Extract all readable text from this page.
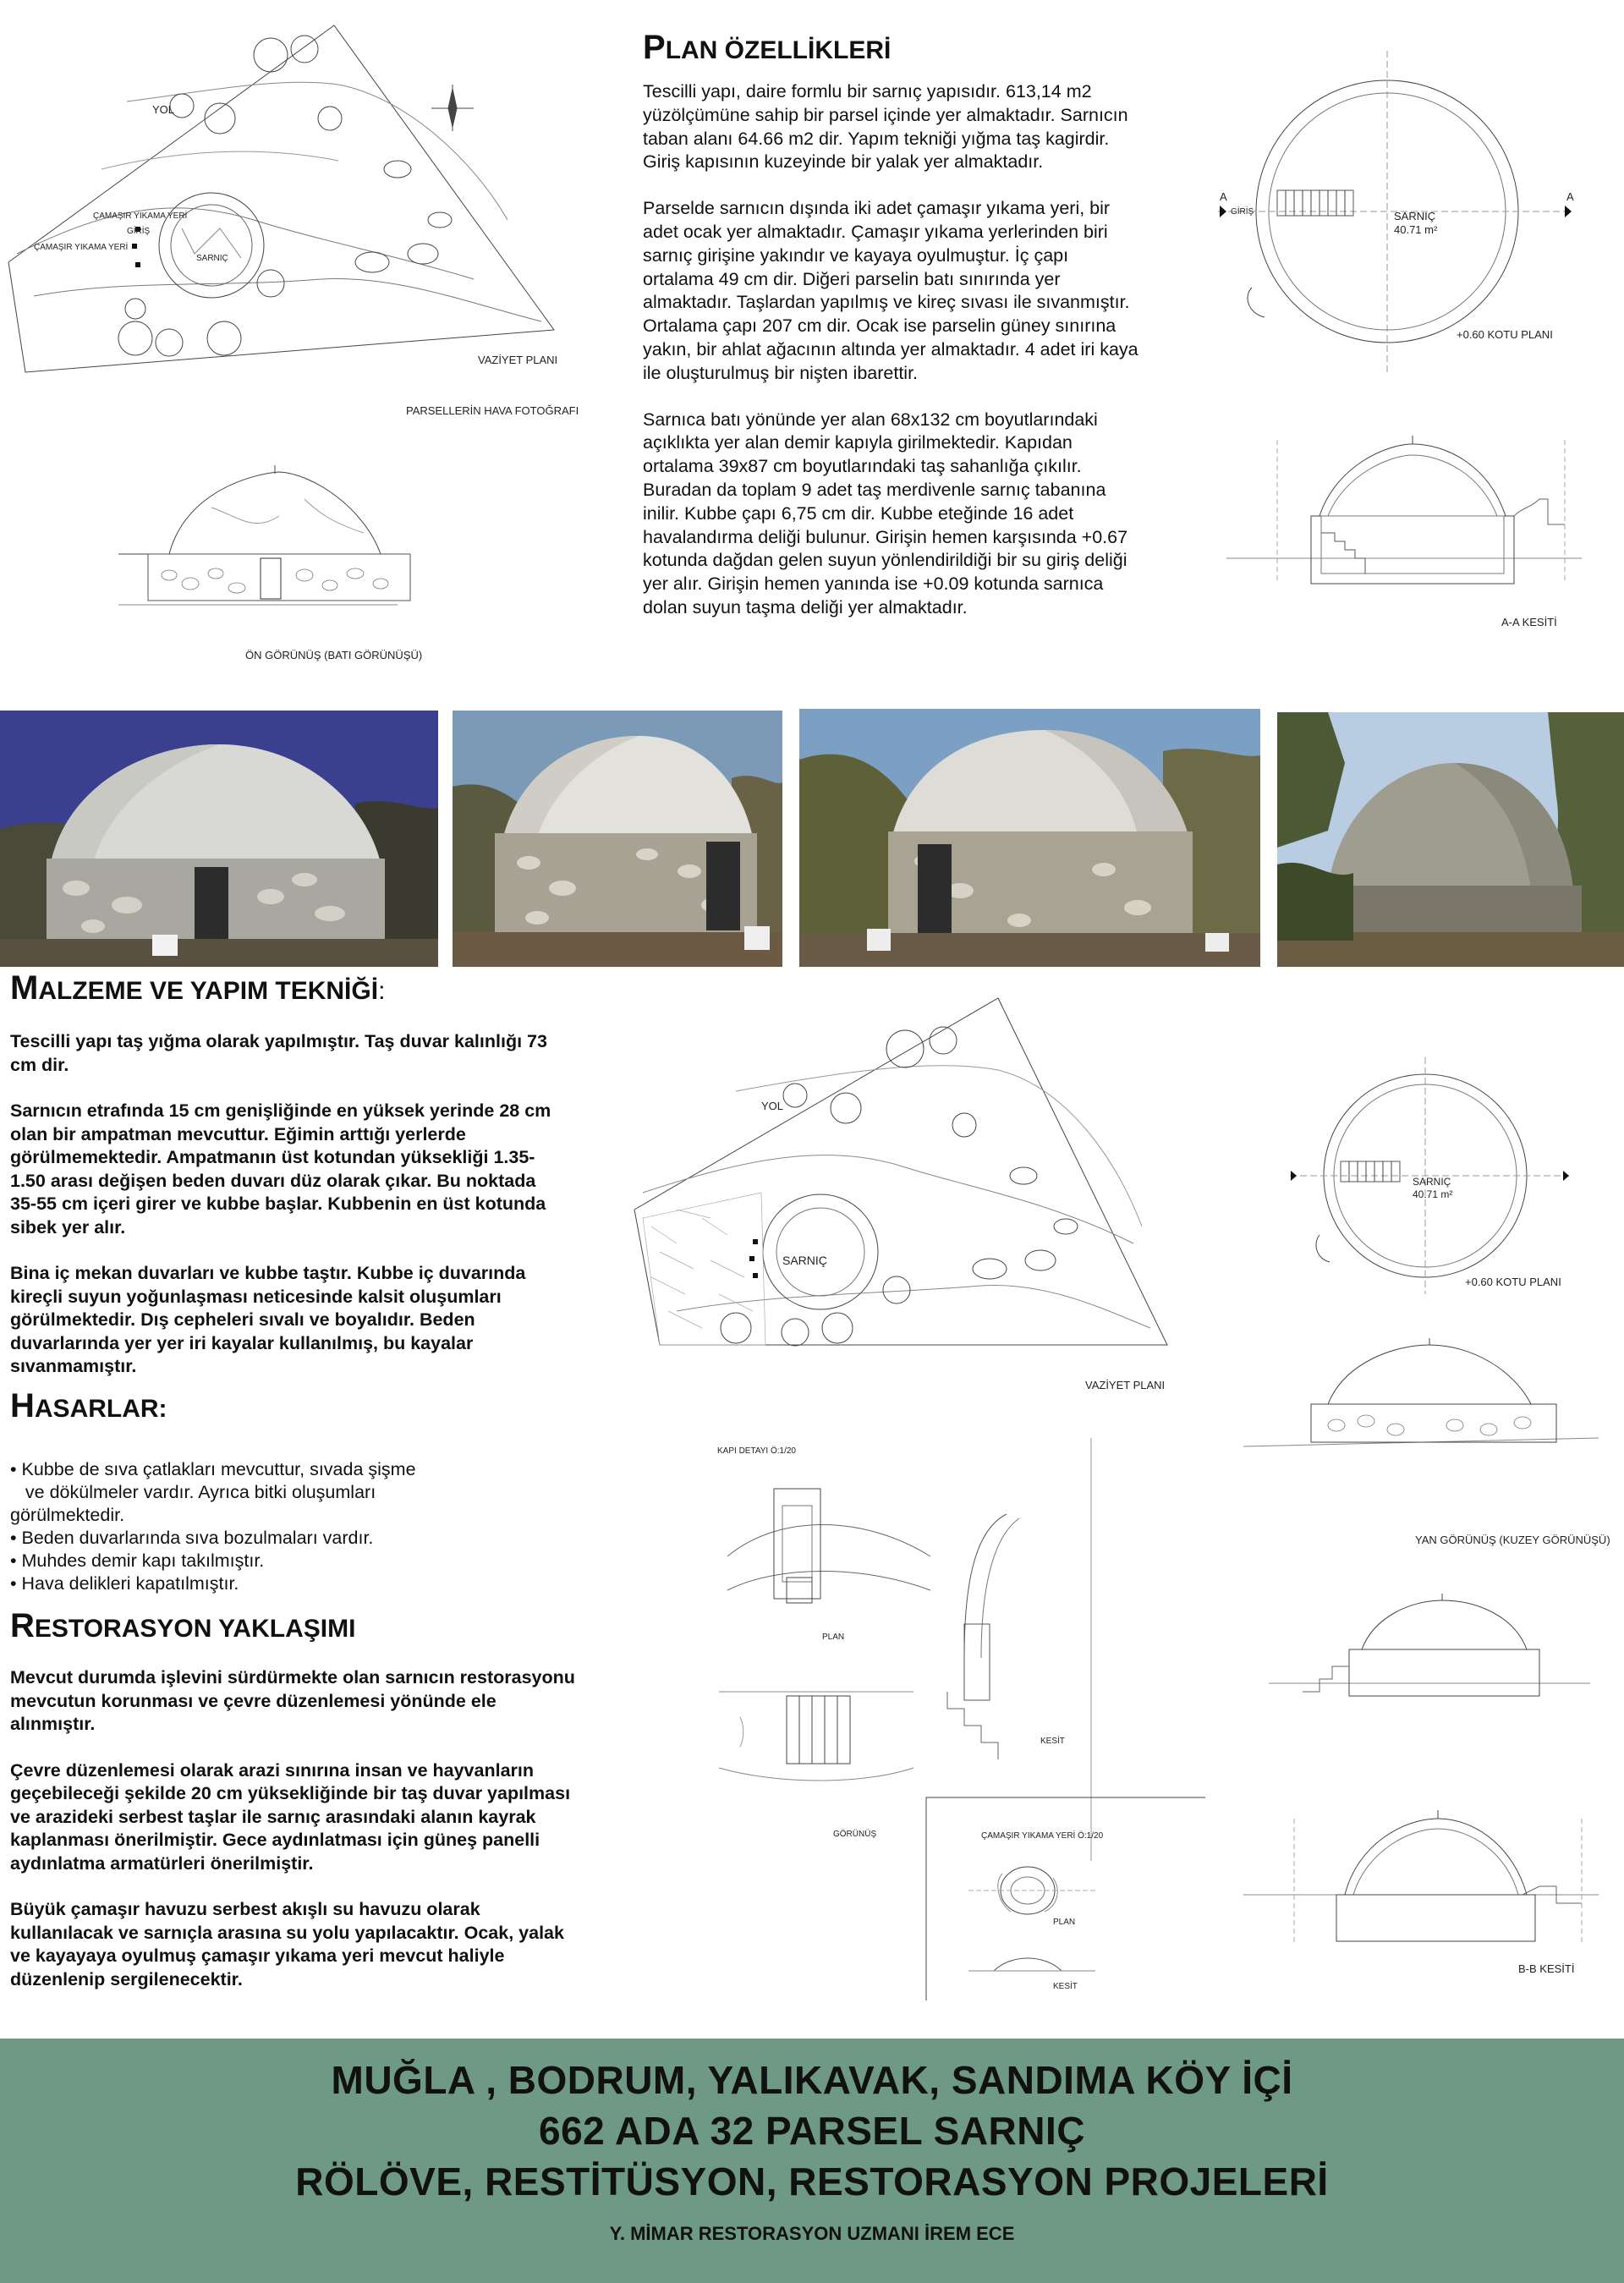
YOL
ÇAMAŞIR YIKAMA YERİ
ÇAMAŞIR YIKAMA YERİ
GİRİŞ
SARNIÇ
VAZİYET PLANI
PARSELLERİN HAVA FOTOĞRAFI
ÖN GÖRÜNÜŞ (BATI GÖRÜNÜŞÜ)
PLAN ÖZELLİKLERİ

Tescilli yapı, daire formlu bir sarnıç yapısıdır. 613,14 m2 yüzölçümüne sahip bir parsel içinde yer almaktadır. Sarnıcın taban alanı 64.66 m2 dir. Yapım tekniği yığma taş kagirdir. Giriş kapısının kuzeyinde bir yalak yer almaktadır.

Parselde sarnıcın dışında iki adet çamaşır yıkama yeri, bir adet ocak yer almaktadır. Çamaşır yıkama yerlerinden biri sarnıç girişine yakındır ve kayaya oyulmuştur. İç çapı ortalama 49 cm dir. Diğeri parselin batı sınırında yer almaktadır. Taşlardan yapılmış ve kireç sıvası ile sıvanmıştır. Ortalama çapı 207 cm dir. Ocak ise parselin güney sınırına yakın, bir ahlat ağacının altında yer almaktadır. 4 adet iri kaya ile oluşturulmuş bir nişten ibarettir.

Sarnıca batı yönünde yer alan 68x132 cm boyutlarındaki açıklıkta yer alan demir kapıyla girilmektedir. Kapıdan ortalama 39x87 cm boyutlarındaki taş sahanlığa çıkılır. Buradan da toplam 9 adet taş merdivenle sarnıç tabanına inilir. Kubbe çapı 6,75 cm dir. Kubbe eteğinde 16 adet havalandırma deliği bulunur. Girişin hemen karşısında +0.67 kotunda dağdan gelen suyun yönlendirildiği bir su giriş deliği yer alır. Girişin hemen yanında ise +0.09 kotunda sarnıca dolan suyun taşma deliği yer almaktadır.

SARNIÇ
40.71 m²
GİRİŞ
A	A
+0.60 KOTU PLANI
A-A KESİTİ
MALZEME VE YAPIM TEKNİĞİ:

Tescilli yapı taş yığma olarak yapılmıştır. Taş duvar kalınlığı 73 cm dir.

Sarnıcın etrafında 15 cm genişliğinde en yüksek yerinde 28 cm olan bir ampatman mevcuttur. Eğimin arttığı yerlerde görülmemektedir. Ampatmanın üst kotundan yüksekliği 1.35-1.50 arası değişen beden duvarı düz olarak çıkar. Bu noktada 35-55 cm içeri girer ve kubbe başlar. Kubbenin en üst kotunda sibek yer alır.

Bina iç mekan duvarları ve kubbe taştır. Kubbe iç duvarında kireçli suyun yoğunlaşması neticesinde kalsit oluşumları görülmektedir. Dış cepheleri sıvalı ve boyalıdır. Beden duvarlarında yer yer iri kayalar kullanılmış, bu kayalar sıvanmamıştır.

HASARLAR:
• Kubbe de sıva çatlakları mevcuttur, sıvada şişme
ve dökülmeler vardır. Ayrıca bitki oluşumları
görülmektedir.
• Beden duvarlarında sıva bozulmaları vardır.
• Muhdes demir kapı takılmıştır.
• Hava delikleri kapatılmıştır.
RESTORASYON YAKLAŞIMI

Mevcut durumda işlevini sürdürmekte olan sarnıcın restorasyonu mevcutun korunması ve çevre düzenlemesi yönünde ele alınmıştır.

Çevre düzenlemesi olarak arazi sınırına insan ve hayvanların geçebileceği şekilde 20 cm yüksekliğinde bir taş duvar yapılması ve arazideki serbest taşlar ile sarnıç arasındaki alanın kayrak kaplanması önerilmiştir. Gece aydınlatması için güneş panelli aydınlatma armatürleri önerilmiştir.

Büyük çamaşır havuzu serbest akışlı su havuzu olarak kullanılacak ve sarnıçla arasına su yolu yapılacaktır. Ocak, yalak ve kayayaya oyulmuş çamaşır yıkama yeri mevcut haliyle düzenlenip sergilenecektir.

YOL
SARNIÇ
VAZİYET PLANI
SARNIÇ
40.71 m²
+0.60 KOTU PLANI
YAN GÖRÜNÜŞ (KUZEY GÖRÜNÜŞÜ)
KAPI DETAYI Ö:1/20
PLAN
KESİT
GÖRÜNÜŞ	ÇAMAŞIR YIKAMA YERİ Ö:1/20
PLAN
KESİT
B-B KESİTİ
MUĞLA , BODRUM, YALIKAVAK, SANDIMA KÖY İÇİ
662 ADA 32 PARSEL SARNIÇ
RÖLÖVE, RESTİTÜSYON, RESTORASYON PROJELERİ
Y. MİMAR RESTORASYON UZMANI İREM ECE
